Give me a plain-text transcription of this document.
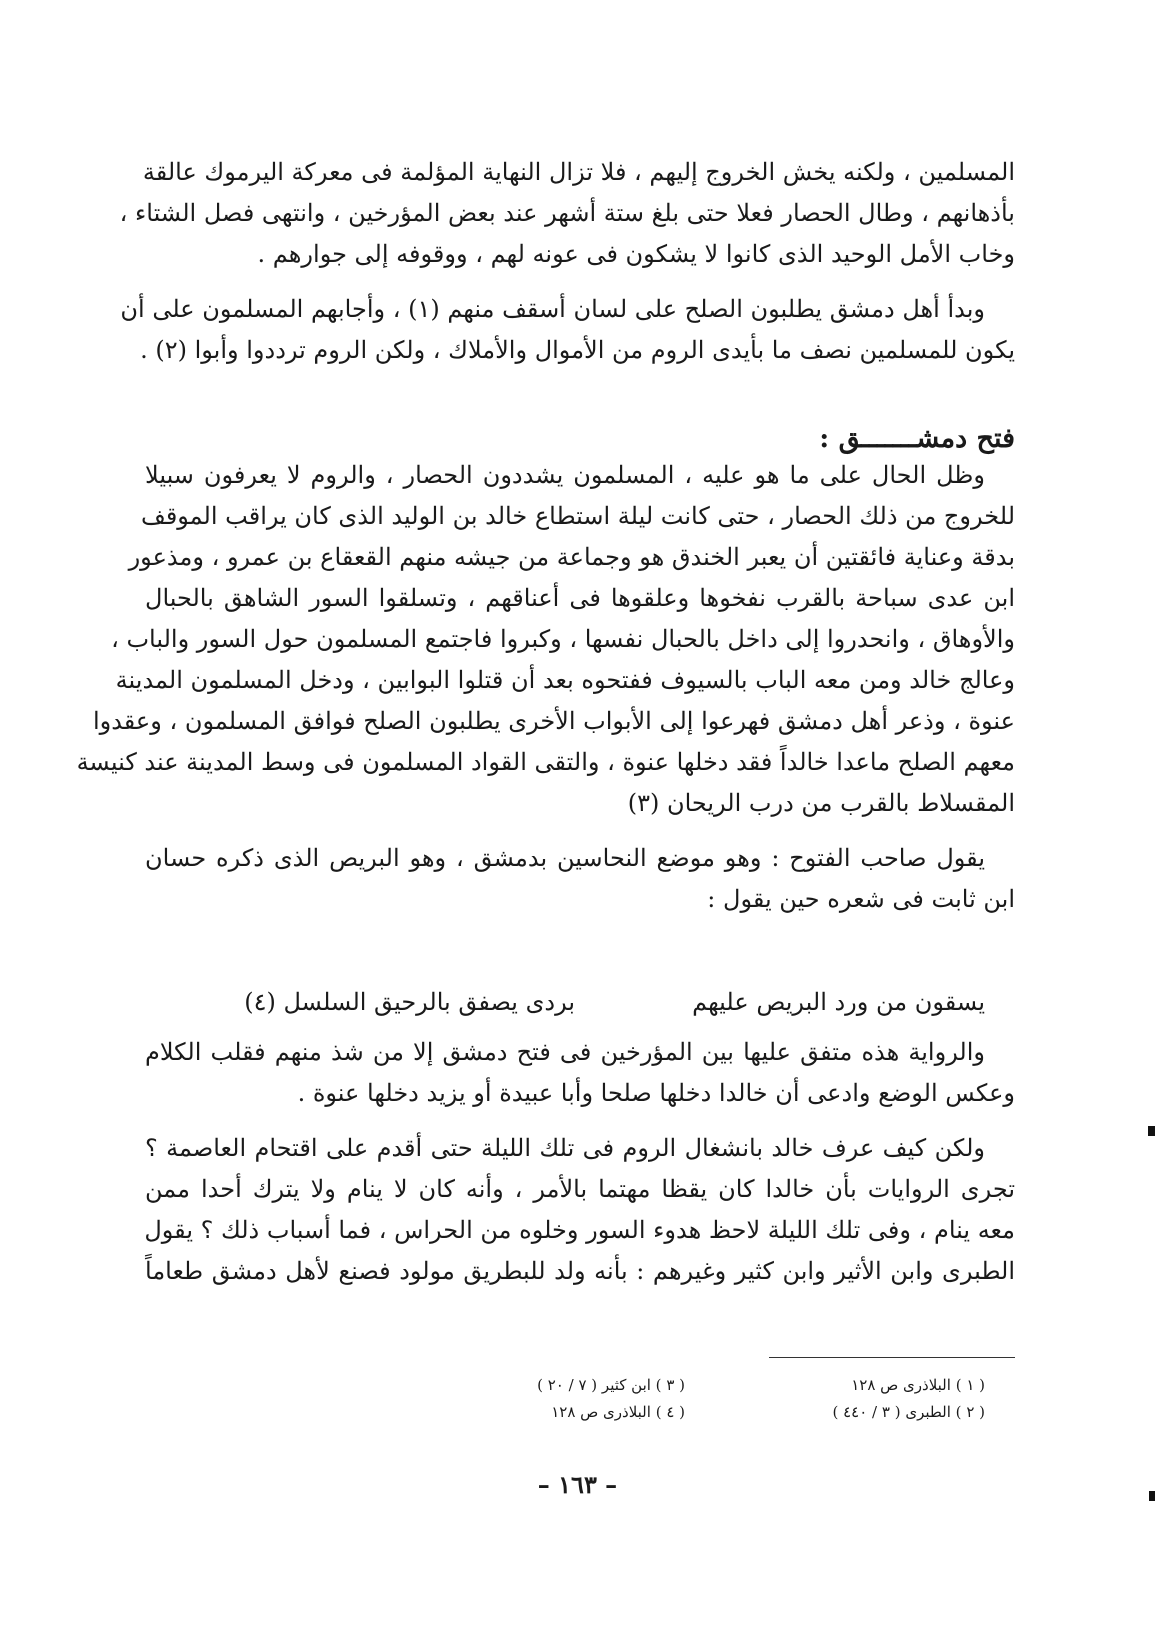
المسلمين ، ولكنه يخش الخروج إليهم ، فلا تزال النهاية المؤلمة فى معركة اليرموك عالقة
بأذهانهم ، وطال الحصار فعلا حتى بلغ ستة أشهر عند بعض المؤرخين ، وانتهى فصل الشتاء ،
وخاب الأمل الوحيد الذى كانوا لا يشكون فى عونه لهم ، ووقوفه إلى جوارهم .
وبدأ أهل دمشق يطلبون الصلح على لسان أسقف منهم (١) ، وأجابهم المسلمون على أن
يكون للمسلمين نصف ما بأيدى الروم من الأموال والأملاك ، ولكن الروم ترددوا وأبوا (٢) .
فتح دمشـــــــق :
وظل الحال على ما هو عليه ، المسلمون يشددون الحصار ، والروم لا يعرفون سبيلا
للخروج من ذلك الحصار ، حتى كانت ليلة استطاع خالد بن الوليد الذى كان يراقب الموقف
بدقة وعناية فائقتين أن يعبر الخندق هو وجماعة من جيشه منهم القعقاع بن عمرو ، ومذعور
ابن عدى سباحة بالقرب نفخوها وعلقوها فى أعناقهم ، وتسلقوا السور الشاهق بالحبال
والأوهاق ، وانحدروا إلى داخل بالحبال نفسها ، وكبروا فاجتمع المسلمون حول السور والباب ،
وعالج خالد ومن معه الباب بالسيوف ففتحوه بعد أن قتلوا البوابين ، ودخل المسلمون المدينة
عنوة ، وذعر أهل دمشق فهرعوا إلى الأبواب الأخرى يطلبون الصلح فوافق المسلمون ، وعقدوا
معهم الصلح ماعدا خالداً فقد دخلها عنوة ، والتقى القواد المسلمون فى وسط المدينة عند كنيسة
المقسلاط بالقرب من درب الريحان (٣)
يقول صاحب الفتوح : وهو موضع النحاسين بدمشق ، وهو البريص الذى ذكره حسان
ابن ثابت فى شعره حين يقول :
يسقون من ورد البريص عليهم
بردى يصفق بالرحيق السلسل (٤)
والرواية هذه متفق عليها بين المؤرخين فى فتح دمشق إلا من شذ منهم فقلب الكلام
وعكس الوضع وادعى أن خالدا دخلها صلحا وأبا عبيدة أو يزيد دخلها عنوة .
ولكن كيف عرف خالد بانشغال الروم فى تلك الليلة حتى أقدم على اقتحام العاصمة ؟
تجرى الروايات بأن خالدا كان يقظا مهتما بالأمر ، وأنه كان لا ينام ولا يترك أحدا ممن
معه ينام ، وفى تلك الليلة لاحظ هدوء السور وخلوه من الحراس ، فما أسباب ذلك ؟ يقول
الطبرى وابن الأثير وابن كثير وغيرهم : بأنه ولد للبطريق مولود فصنع لأهل دمشق طعاماً
( ١ ) البلاذرى ص ١٢٨
( ٢ ) الطبرى ( ٣ / ٤٤٠ )
( ٣ ) ابن كثير ( ٧ / ٢٠ )
( ٤ ) البلاذرى ص ١٢٨
– ١٦٣ –
